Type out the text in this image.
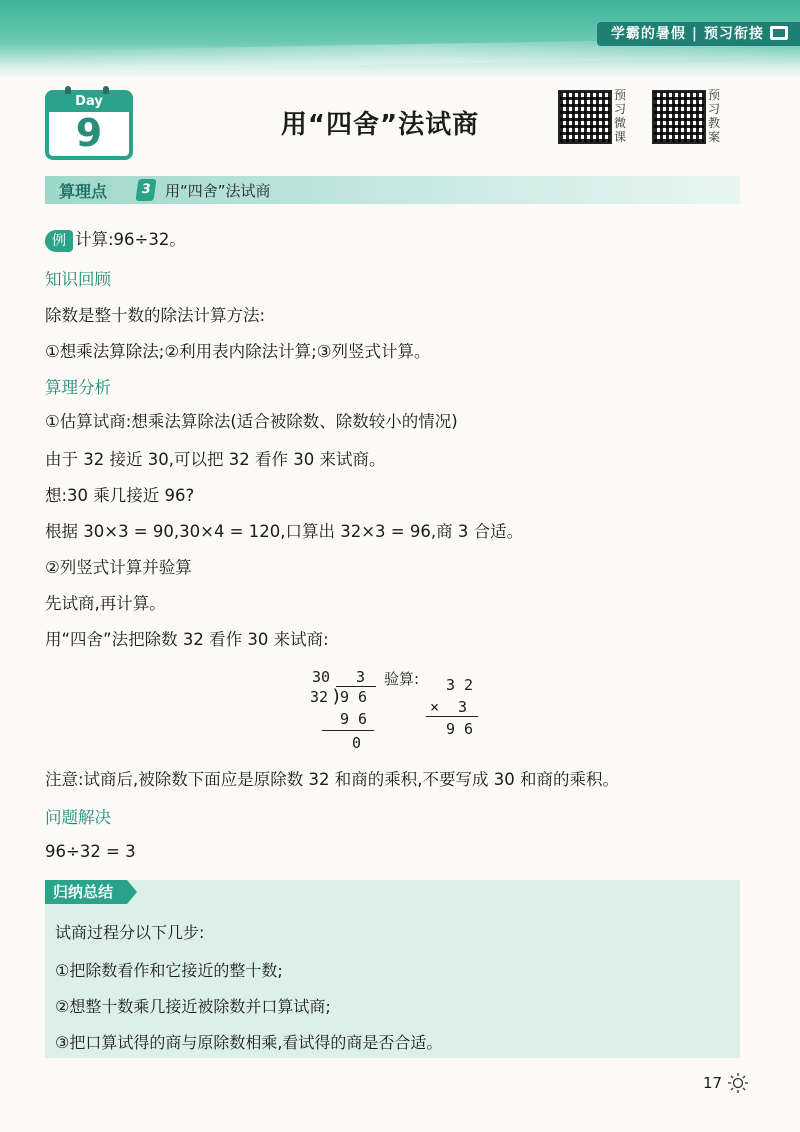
学霸的暑假 | 预习衔接
Day
9	用“四舍”法试商
预
习
微
课
预
习
教
案
算理点	3 用“四舍”法试商
例 计算:96÷32。
知识回顾
除数是整十数的除法计算方法:
①想乘法算除法;②利用表内除法计算;③列竖式计算。
算理分析
①估算试商:想乘法算除法(适合被除数、除数较小的情况)
由于 32 接近 30,可以把 32 看作 30 来试商。
想:30 乘几接近 96?
根据 30×3 = 90,30×4 = 120,口算出 32×3 = 96,商 3 合适。
②列竖式计算并验算
先试商,再计算。
用“四舍”法把除数 32 看作 30 来试商:
30 3
32 )
9 6
9 6
0
验算: 3 2
× 3
9 6
注意:试商后,被除数下面应是原除数 32 和商的乘积,不要写成 30 和商的乘积。
问题解决
96÷32 = 3
归纳总结
试商过程分以下几步:
①把除数看作和它接近的整十数;
②想整十数乘几接近被除数并口算试商;
③把口算试得的商与原除数相乘,看试得的商是否合适。
17
